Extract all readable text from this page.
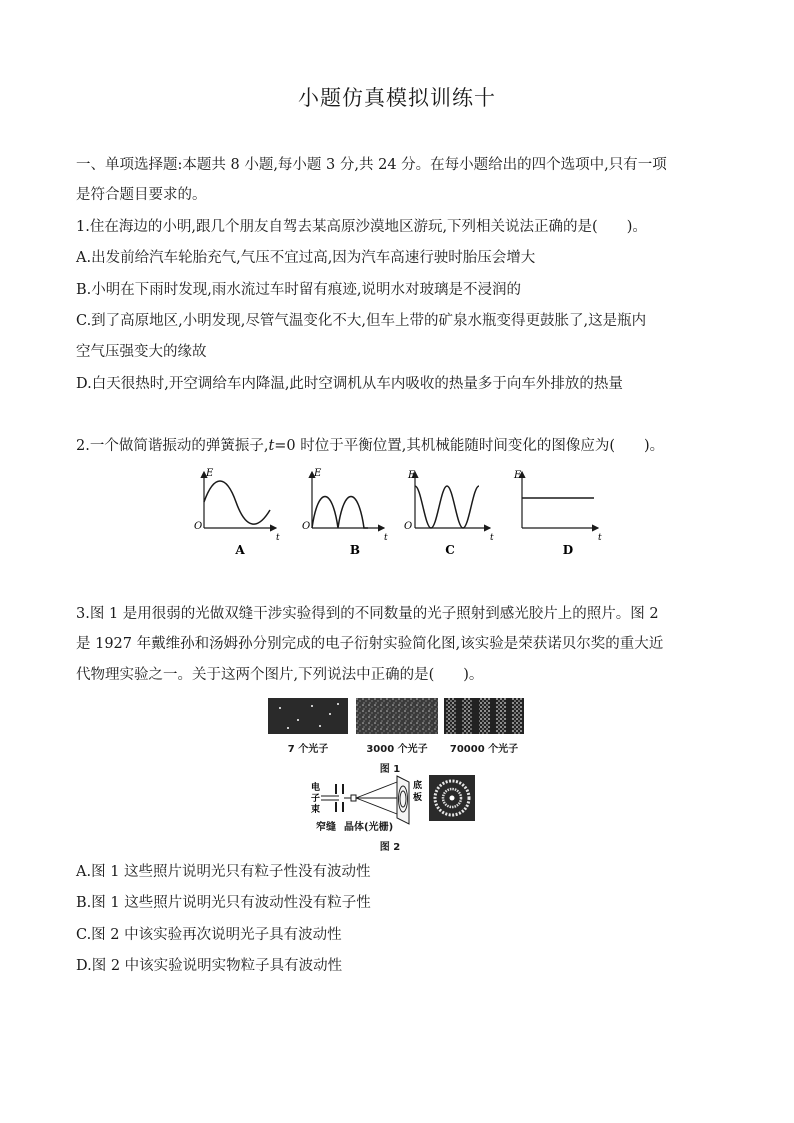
小题仿真模拟训练十
一、单项选择题:本题共 8 小题,每小题 3 分,共 24 分。在每小题给出的四个选项中,只有一项
是符合题目要求的。
1.住在海边的小明,跟几个朋友自驾去某高原沙漠地区游玩,下列相关说法正确的是(　　)。
A.出发前给汽车轮胎充气,气压不宜过高,因为汽车高速行驶时胎压会增大
B.小明在下雨时发现,雨水流过车时留有痕迹,说明水对玻璃是不浸润的
C.到了高原地区,小明发现,尽管气温变化不大,但车上带的矿泉水瓶变得更鼓胀了,这是瓶内
空气压强变大的缘故
D.白天很热时,开空调给车内降温,此时空调机从车内吸收的热量多于向车外排放的热量
2.一个做简谐振动的弹簧振子,t=0 时位于平衡位置,其机械能随时间变化的图像应为(　　)。
E
O
t
A
E
O
t
B
E
O
t
C
E
t
D
3.图 1 是用很弱的光做双缝干涉实验得到的不同数量的光子照射到感光胶片上的照片。图 2
是 1927 年戴维孙和汤姆孙分别完成的电子衍射实验简化图,该实验是荣获诺贝尔奖的重大近
代物理实验之一。关于这两个图片,下列说法中正确的是(　　)。
7 个光子	3000 个光子	70000 个光子
图 1
电
子
束
底
板
窄缝 晶体(光栅)
图 2
A.图 1 这些照片说明光只有粒子性没有波动性
B.图 1 这些照片说明光只有波动性没有粒子性
C.图 2 中该实验再次说明光子具有波动性
D.图 2 中该实验说明实物粒子具有波动性
